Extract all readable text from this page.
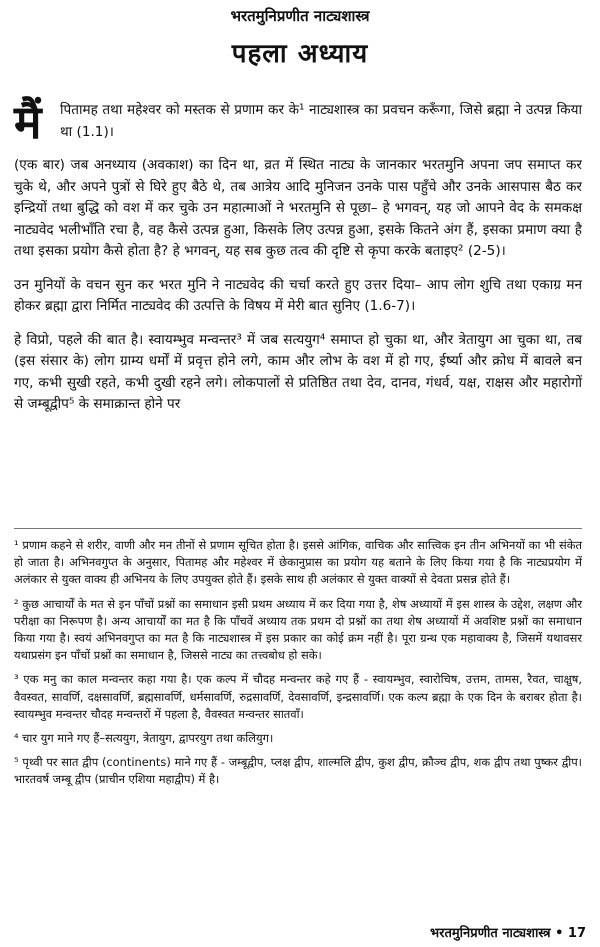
भरतमुनिप्रणीत नाट्यशास्त्र
पहला अध्याय
मैं	पितामह तथा महेश्वर को मस्तक से प्रणाम कर के¹ नाट्यशास्त्र का प्रवचन करूँगा, जिसे ब्रह्मा ने उत्पन्न किया था (1.1)।

(एक बार) जब अनध्याय (अवकाश) का दिन था, व्रत में स्थित नाट्य के जानकार भरतमुनि अपना जप समाप्त कर चुके थे, और अपने पुत्रों से घिरे हुए बैठे थे, तब आत्रेय आदि मुनिजन उनके पास पहुँचे और उनके आसपास बैठ कर इन्द्रियों तथा बुद्धि को वश में कर चुके उन महात्माओं ने भरतमुनि से पूछा– हे भगवन्, यह जो आपने वेद के समकक्ष नाट्यवेद भलीभाँति रचा है, वह कैसे उत्पन्न हुआ, किसके लिए उत्पन्न हुआ, इसके कितने अंग हैं, इसका प्रमाण क्या है तथा इसका प्रयोग कैसे होता है? हे भगवन्, यह सब कुछ तत्व की दृष्टि से कृपा करके बताइए² (2-5)।

उन मुनियों के वचन सुन कर भरत मुनि ने नाट्यवेद की चर्चा करते हुए उत्तर दिया– आप लोग शुचि तथा एकाग्र मन होकर ब्रह्मा द्वारा निर्मित नाट्यवेद की उत्पत्ति के विषय में मेरी बात सुनिए (1.6-7)।

हे विप्रो, पहले की बात है। स्वायम्भुव मन्वन्तर³ में जब सत्ययुग⁴ समाप्त हो चुका था, और त्रेतायुग आ चुका था, तब (इस संसार के) लोग ग्राम्य धर्मों में प्रवृत्त होने लगे, काम और लोभ के वश में हो गए, ईर्ष्या और क्रोध में बावले बन गए, कभी सुखी रहते, कभी दुखी रहने लगे। लोकपालों से प्रतिष्ठित तथा देव, दानव, गंधर्व, यक्ष, राक्षस और महारोगों से जम्बूद्वीप⁵ के समाक्रान्त होने पर

¹ प्रणाम कहने से शरीर, वाणी और मन तीनों से प्रणाम सूचित होता है। इससे आंगिक, वाचिक और सात्त्विक इन तीन अभिनयों का भी संकेत हो जाता है। अभिनवगुप्त के अनुसार, पितामह और महेश्वर में छेकानुप्रास का प्रयोग यह बताने के लिए किया गया है कि नाट्यप्रयोग में अलंकार से युक्त वाक्य ही अभिनय के लिए उपयुक्त होते हैं। इसके साथ ही अलंकार से युक्त वाक्यों से देवता प्रसन्न होते हैं।

² कुछ आचार्यों के मत से इन पाँचों प्रश्नों का समाधान इसी प्रथम अध्याय में कर दिया गया है, शेष अध्यायों में इस शास्त्र के उद्देश, लक्षण और परीक्षा का निरूपण है। अन्य आचार्यों का मत है कि पाँचवें अध्याय तक प्रथम दो प्रश्नों का तथा शेष अध्यायों में अवशिष्ट प्रश्नों का समाधान किया गया है। स्वयं अभिनवगुप्त का मत है कि नाट्यशास्त्र में इस प्रकार का कोई क्रम नहीं है। पूरा ग्रन्थ एक महावाक्य है, जिसमें यथावसर यथाप्रसंग इन पाँचों प्रश्नों का समाधान है, जिससे नाट्य का तत्त्वबोध हो सके।

³ एक मनु का काल मन्वन्तर कहा गया है। एक कल्प में चौदह मन्वन्तर कहे गए हैं - स्वायम्भुव, स्वारोचिष, उत्तम, तामस, रैवत, चाक्षुष, वैवस्वत, सावर्णि, दक्षसावर्णि, ब्रह्मसावर्णि, धर्मसावर्णि, रुद्रसावर्णि, देवसावर्णि, इन्द्रसावर्णि। एक कल्प ब्रह्मा के एक दिन के बराबर होता है। स्वायम्भुव मन्वन्तर चौदह मन्वन्तरों में पहला है, वैवस्वत मन्वन्तर सातवाँ।

⁴ चार युग माने गए हैं–सत्ययुग, त्रेतायुग, द्वापरयुग तथा कलियुग।

⁵ पृथ्वी पर सात द्वीप (continents) माने गए हैं - जम्बूद्वीप, प्लक्ष द्वीप, शाल्मलि द्वीप, कुश द्वीप, क्रौञ्च द्वीप, शक द्वीप तथा पुष्कर द्वीप। भारतवर्ष जम्बू द्वीप (प्राचीन एशिया महाद्वीप) में है।

भरतमुनिप्रणीत नाट्यशास्त्र • 17
